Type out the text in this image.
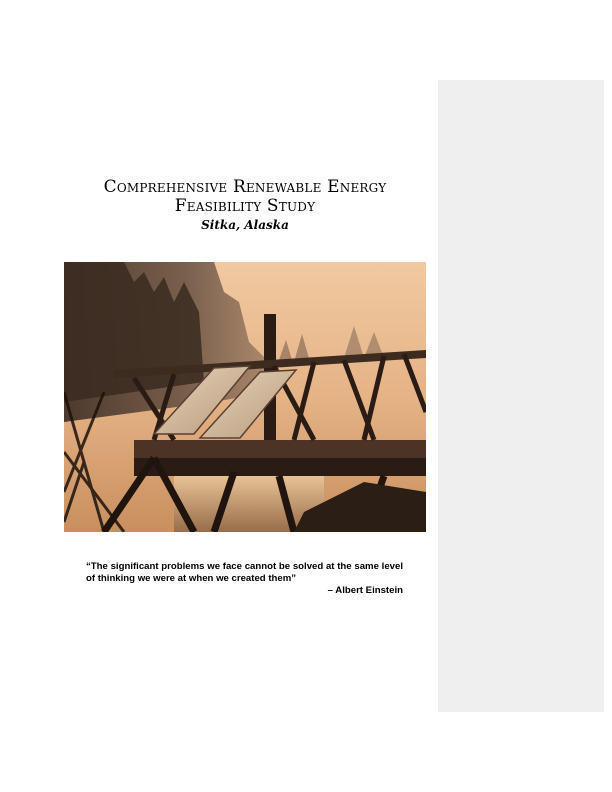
Comprehensive Renewable Energy
Feasibility Study
Sitka, Alaska

“The significant problems we face cannot be solved at the same level of thinking we were at when we created them”

– Albert Einstein
